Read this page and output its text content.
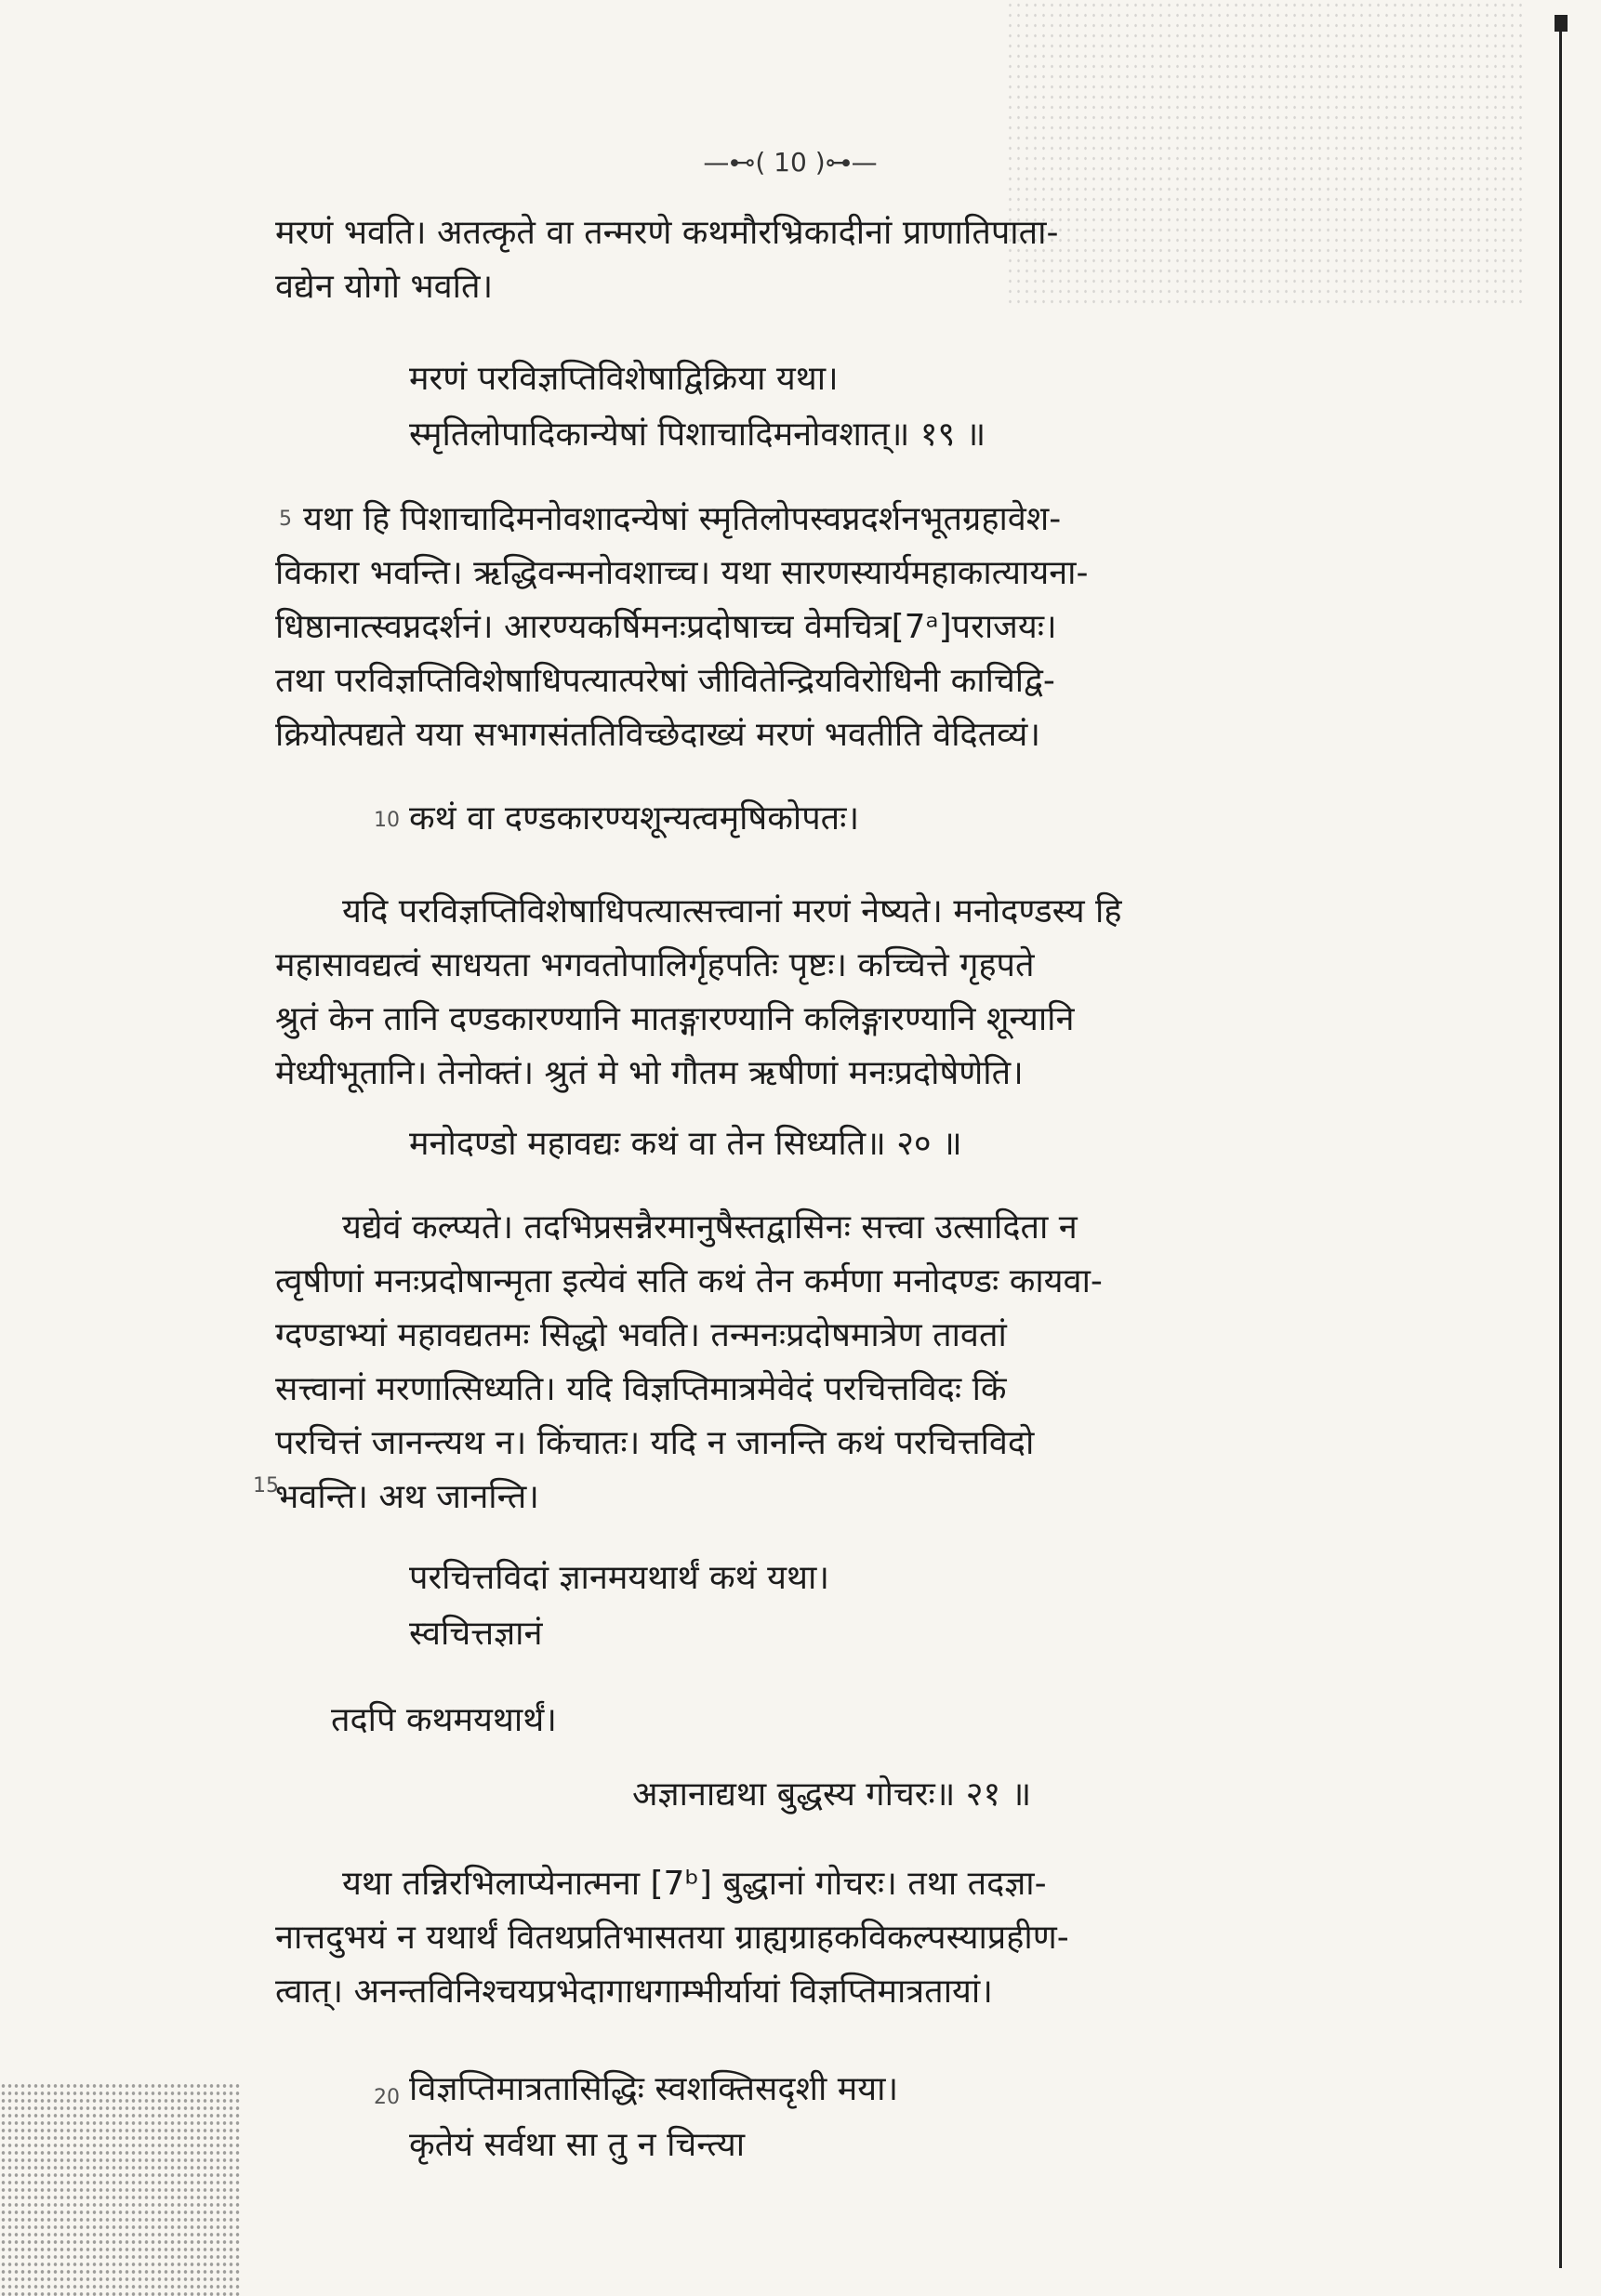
—⊷( 10 )⊶—
मरणं भवति। अतत्कृते वा तन्मरणे कथमौरभ्रिकादीनां प्राणातिपाता-
वद्येन योगो भवति।
मरणं परविज्ञप्तिविशेषाद्विक्रिया यथा।
स्मृतिलोपादिकान्येषां पिशाचादिमनोवशात्॥ १९ ॥
5 यथा हि पिशाचादिमनोवशादन्येषां स्मृतिलोपस्वप्नदर्शनभूतग्रहावेश-
विकारा भवन्ति। ऋद्धिवन्मनोवशाच्च। यथा सारणस्यार्यमहाकात्यायना-
धिष्ठानात्स्वप्नदर्शनं। आरण्यकर्षिमनःप्रदोषाच्च वेमचित्र[7ᵃ]पराजयः।
तथा परविज्ञप्तिविशेषाधिपत्यात्परेषां जीवितेन्द्रियविरोधिनी काचिद्वि-
क्रियोत्पद्यते यया सभागसंततिविच्छेदाख्यं मरणं भवतीति वेदितव्यं।
10 कथं वा दण्डकारण्यशून्यत्वमृषिकोपतः।
यदि परविज्ञप्तिविशेषाधिपत्यात्सत्त्वानां मरणं नेष्यते। मनोदण्डस्य हि
महासावद्यत्वं साधयता भगवतोपालिर्गृहपतिः पृष्टः। कच्चित्ते गृहपते
श्रुतं केन तानि दण्डकारण्यानि मातङ्गारण्यानि कलिङ्गारण्यानि शून्यानि
मेध्यीभूतानि। तेनोक्तं। श्रुतं मे भो गौतम ऋषीणां मनःप्रदोषेणेति।
मनोदण्डो महावद्यः कथं वा तेन सिध्यति॥ २० ॥
यद्येवं कल्प्यते। तदभिप्रसन्नैरमानुषैस्तद्वासिनः सत्त्वा उत्सादिता न
त्वृषीणां मनःप्रदोषान्मृता इत्येवं सति कथं तेन कर्मणा मनोदण्डः कायवा-
ग्दण्डाभ्यां महावद्यतमः सिद्धो भवति। तन्मनःप्रदोषमात्रेण तावतां
सत्त्वानां मरणात्सिध्यति। यदि विज्ञप्तिमात्रमेवेदं परचित्तविदः किं
परचित्तं जानन्त्यथ न। किंचातः। यदि न जानन्ति कथं परचित्तविदो
भवन्ति। अथ जानन्ति।
15
परचित्तविदां ज्ञानमयथार्थं कथं यथा।
स्वचित्तज्ञानं
तदपि कथमयथार्थं।
अज्ञानाद्यथा बुद्धस्य गोचरः॥ २१ ॥
यथा तन्निरभिलाप्येनात्मना [7ᵇ] बुद्धानां गोचरः। तथा तदज्ञा-
नात्तदुभयं न यथार्थं वितथप्रतिभासतया ग्राह्यग्राहकविकल्पस्याप्रहीण-
त्वात्। अनन्तविनिश्चयप्रभेदागाधगाम्भीर्यायां विज्ञप्तिमात्रतायां।
20 विज्ञप्तिमात्रतासिद्धिः स्वशक्तिसदृशी मया।
कृतेयं सर्वथा सा तु न चिन्त्या
